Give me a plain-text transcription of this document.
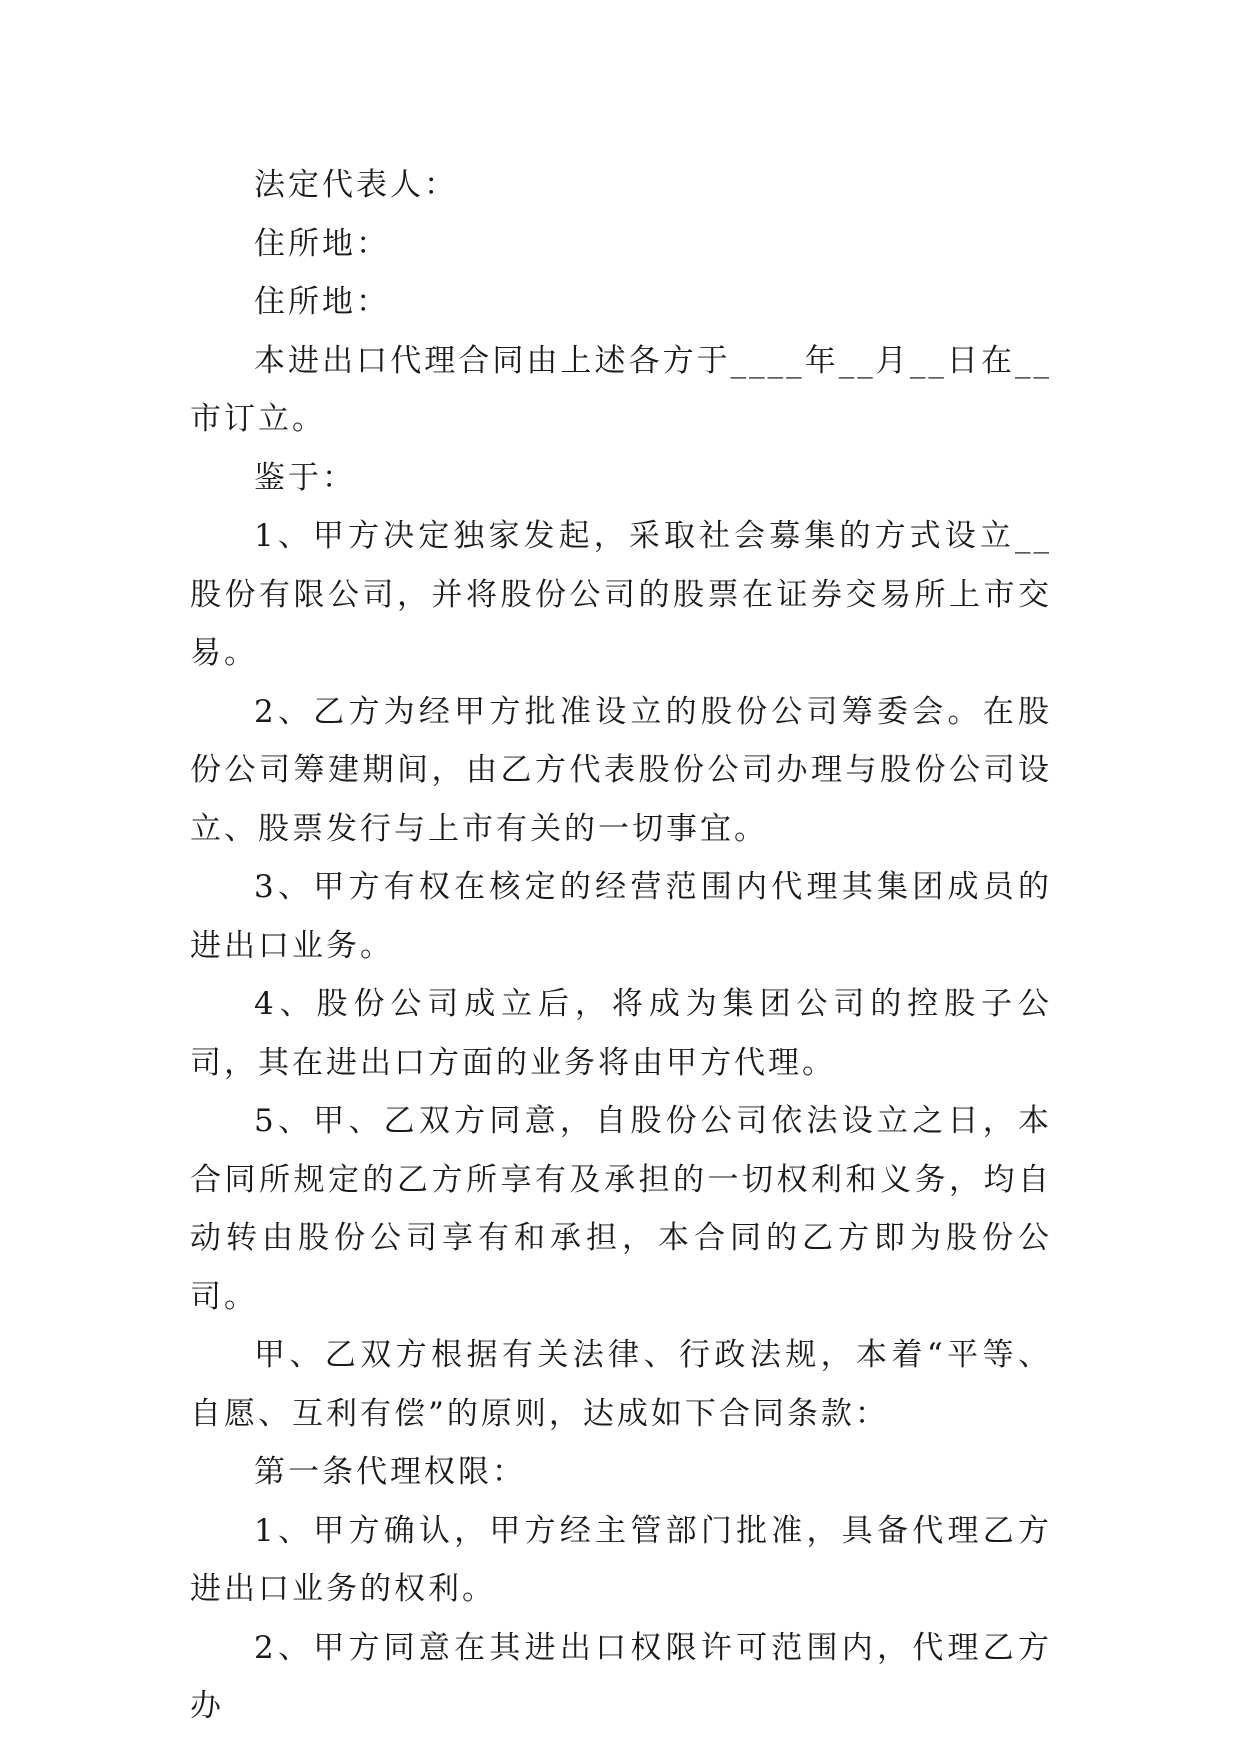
法定代表人：

住所地：

住所地：

本进出口代理合同由上述各方于____年__月__日在__市订立。

鉴于：

1、甲方决定独家发起，采取社会募集的方式设立__股份有限公司，并将股份公司的股票在证券交易所上市交易。

2、乙方为经甲方批准设立的股份公司筹委会。在股份公司筹建期间，由乙方代表股份公司办理与股份公司设立、股票发行与上市有关的一切事宜。

3、甲方有权在核定的经营范围内代理其集团成员的进出口业务。

4、股份公司成立后，将成为集团公司的控股子公司，其在进出口方面的业务将由甲方代理。

5、甲、乙双方同意，自股份公司依法设立之日，本合同所规定的乙方所享有及承担的一切权利和义务，均自动转由股份公司享有和承担，本合同的乙方即为股份公司。

甲、乙双方根据有关法律、行政法规，本着“平等、自愿、互利有偿”的原则，达成如下合同条款：

第一条代理权限：

1、甲方确认，甲方经主管部门批准，具备代理乙方进出口业务的权利。

2、甲方同意在其进出口权限许可范围内，代理乙方办
